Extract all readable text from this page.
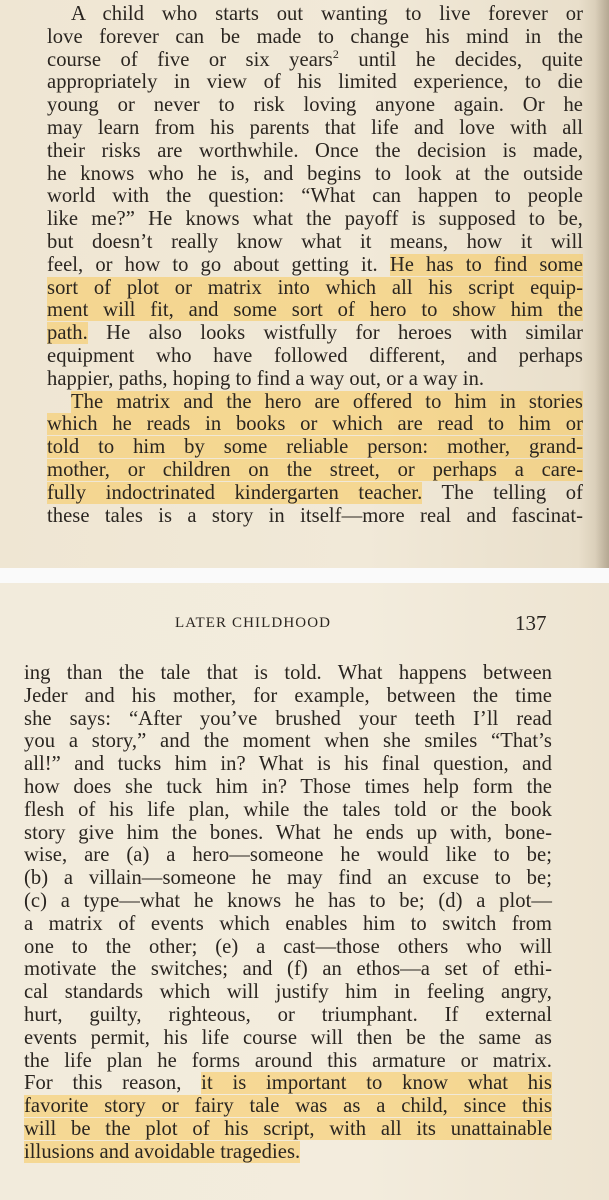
A child who starts out wanting to live forever or
love forever can be made to change his mind in the
course of five or six years$^2$ until he decides, quite
appropriately in view of his limited experience, to die
young or never to risk loving anyone again. Or he
may learn from his parents that life and love with all
their risks are worthwhile. Once the decision is made,
he knows who he is, and begins to look at the outside
world with the question: “What can happen to people
like me?” He knows what the payoff is supposed to be,
but doesn’t really know what it means, how it will
feel, or how to go about getting it. He has to find some
sort of plot or matrix into which all his script equip-
ment will fit, and some sort of hero to show him the
path. He also looks wistfully for heroes with similar
equipment who have followed different, and perhaps
happier, paths, hoping to find a way out, or a way in.
The matrix and the hero are offered to him in stories
which he reads in books or which are read to him or
told to him by some reliable person: mother, grand-
mother, or children on the street, or perhaps a care-
fully indoctrinated kindergarten teacher. The telling of
these tales is a story in itself—more real and fascinat-
LATER CHILDHOOD	137
ing than the tale that is told. What happens between
Jeder and his mother, for example, between the time
she says: “After you’ve brushed your teeth I’ll read
you a story,” and the moment when she smiles “That’s
all!” and tucks him in? What is his final question, and
how does she tuck him in? Those times help form the
flesh of his life plan, while the tales told or the book
story give him the bones. What he ends up with, bone-
wise, are (a) a hero—someone he would like to be;
(b) a villain—someone he may find an excuse to be;
(c) a type—what he knows he has to be; (d) a plot—
a matrix of events which enables him to switch from
one to the other; (e) a cast—those others who will
motivate the switches; and (f) an ethos—a set of ethi-
cal standards which will justify him in feeling angry,
hurt, guilty, righteous, or triumphant. If external
events permit, his life course will then be the same as
the life plan he forms around this armature or matrix.
For this reason, it is important to know what his
favorite story or fairy tale was as a child, since this
will be the plot of his script, with all its unattainable
illusions and avoidable tragedies.
